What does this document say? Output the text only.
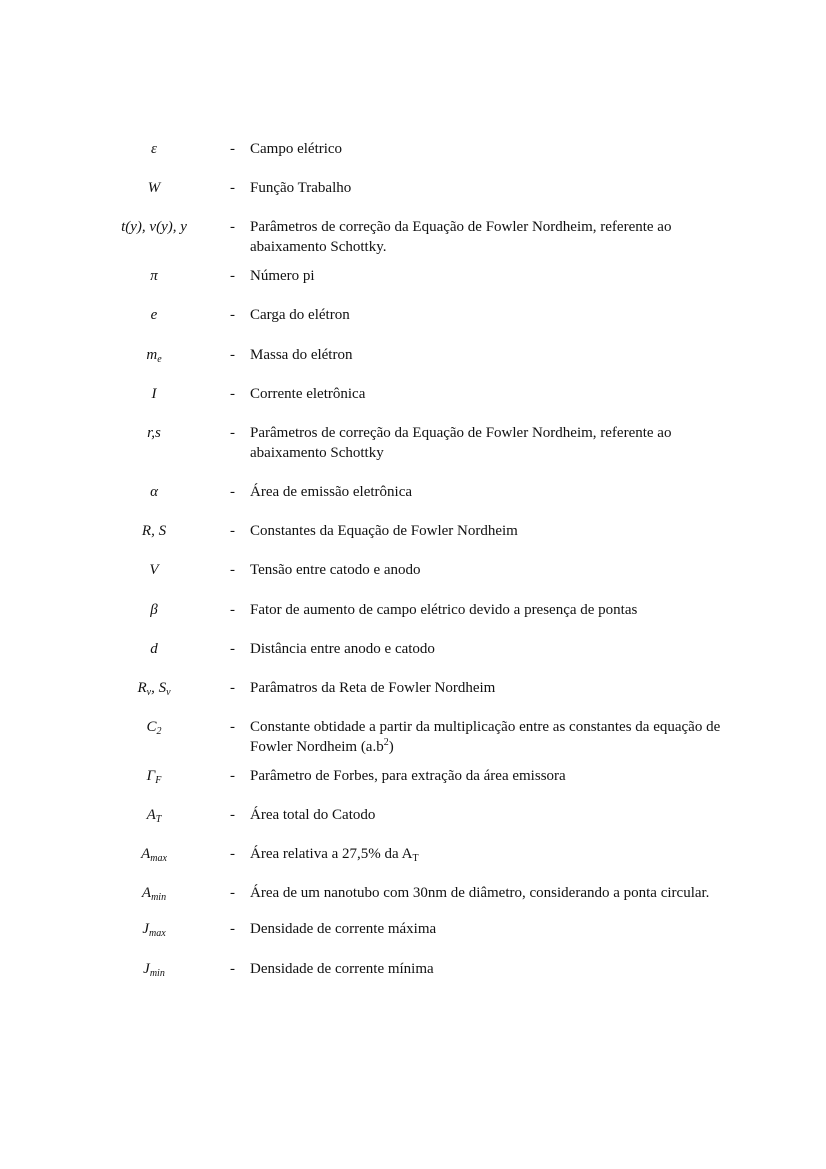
ε	-	Campo elétrico
W	-	Função Trabalho
t(y), v(y), y	-	Parâmetros de correção da Equação de Fowler Nordheim, referente ao abaixamento Schottky.
π	-	Número pi
e	-	Carga do elétron
$m_e$	-	Massa do elétron
I	-	Corrente eletrônica
r,s	-	Parâmetros de correção da Equação de Fowler Nordheim, referente ao abaixamento Schottky
α	-	Área de emissão eletrônica
R, S	-	Constantes da Equação de Fowler Nordheim
V	-	Tensão entre catodo e anodo
β	-	Fator de aumento de campo elétrico devido a presença de pontas
d	-	Distância entre anodo e catodo
$R_v$, $S_v$	-	Parâmatros da Reta de Fowler Nordheim
$C_2$	-	Constante obtidade a partir da multiplicação entre as constantes da equação de Fowler Nordheim $(a.b^2)$
$\Gamma_F$	-	Parâmetro de Forbes, para extração da área emissora
$A_T$	-	Área total do Catodo
$A_{max}$	-	Área relativa a 27,5% da $A_T$
$A_{min}$	-	Área de um nanotubo com 30nm de diâmetro, considerando a ponta circular.
$J_{max}$	-	Densidade de corrente máxima
$J_{min}$	-	Densidade de corrente mínima
